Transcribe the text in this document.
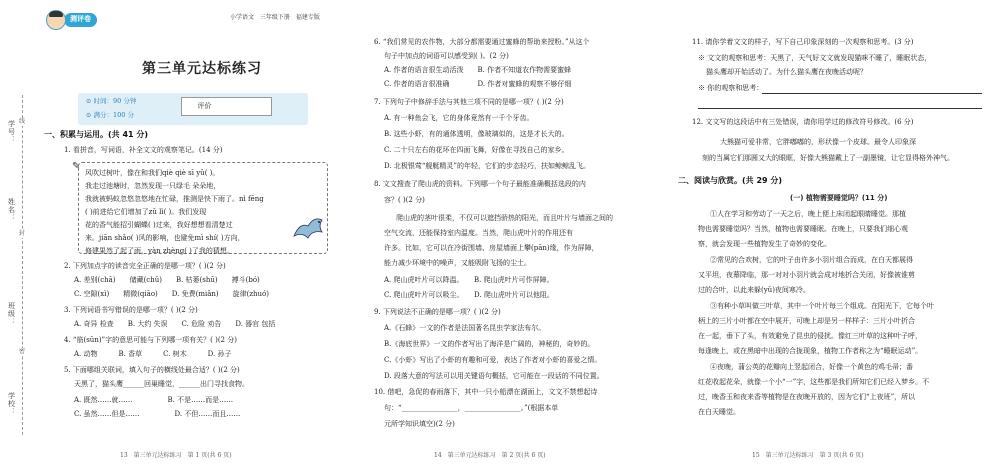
学号： 线
姓名：
封
班级：
密
学校：
测评卷	小学语文 三年级下册 福建专版
第三单元达标练习
⊙ 时间：90 分钟
⊙ 满分：100 分
评价
一、积累与运用。(共 41 分)
1. 看拼音，写词语，补全文文的观察笔记。(14 分)
✎
风吹过树叶，像在和我们qiè qiè sī yǔ( )。
我走过池塘时，忽然发现一只绿毛 朵朵地，
我就被蚂蚁忽悠忽悠地在忙碌，推测是快下雨了。nì fēng
( )前进给它们增加了zǔ lì( )。我们发现
花的香气能招引蝴蝶( )过来，我好想想看清楚过
来。jiān shǎo( )风的影响，也避免mì shí( )方向，
修建果然了起了雨，yàn zhèng( )了我的猜想。
2. 下列加点字的读音完全正确的是哪一项？( )(2 分)
A. 差别(chā)　　储藏(chǔ)　　B. 枯萎(shū)　　搏斗(bó)
C. 空隙(xì)　　精微(qiāo)　　D. 免费(miǎn)　　旋律(zhuó)
3. 下列词语书写错误的是哪一项？( )(2 分)
A. 奇异 检查　　B. 大约 失误　　C. 危险 劝告　　D. 器官 包括
4. “筋(sūn)”字的意思可能与下列哪一项有关？( )(2 分)
A. 动物　　　B. 香草　　　C. 树木　　　D. 孙子
5. 下面哪组关联词，填入句子的横线处最合适？( )(2 分)
天黑了，猫头鹰______回巢睡觉，______出门寻找食物。
A. 既然……就……　　　　　B. 不是……而是……
C. 虽然……但是……　　　　　D. 不但……而且……
13　第三单元达标练习　第 1 页(共 6 页)
6. “我们常见的农作物，大部分都需要通过蜜蜂的帮助来授粉。”从这个
句子中加点的词语可以感受到( )。(2 分)
A. 作者的语言很生动活泼　　B. 作者不知道农作物需要蜜蜂
C. 作者的语言很准确　　　　D. 作者对蜜蜂的观察不够仔细
7. 下列句子中修辞手法与其他三项不同的是哪一项？( )(2 分)
A. 有一种鱼会飞，它的身体竟然有一千个牙齿。
B. 这些小虾，有的通体透明，像玻璃似的，这是才长大的。
C. 二十只左右的花环在四面飞舞，好像在寻找自己的家乡。
D. 北极银莺“舰艇精灵”的年轻，它们的步态轻巧，扶如鲸鲸乱飞。
8. 文文搜查了爬山虎的资料。下列哪一个句子最能准确概括选段的内
容？( )(2 分)
爬山虎的茎叶很柔，不仅可以遮挡骄热的阳光，而且叶片与墙面之间的
空气交流，还能保持室内温度。当然，爬山虎叶片的作用还有
许多。比如，它可以在冷街围墙、房屋墙面上攀(pān)缘，作为屏障，
能力减少环境中的噪声，又能吸附飞扬的尘土。
A. 爬山虎叶片可以降温。　　B. 爬山虎叶片可作屏障。
C. 爬山虎叶片可以吸尘。　　D. 爬山虎叶片可以他阻。
9. 下列说法不正确的是哪一项？( )(2 分)
A.《石蜂》一文的作者是法国著名昆虫学家法布尔。
B.《海底世界》一文的作者写出了海洋是广阔的，神秘的，奇妙的。
C.《小虾》写出了小虾的有趣和可爱，表达了作者对小虾的喜爱之情。
D. 段落大意的写法可以用关键语句概括，它可能在一段话的不同位置。
10. 借吧，急促的春雨落下，其中一只小船漂在湖面上，文文不禁想起诗
句：“________________，________________。”(根据本单
元所学知识填空)(2 分)
14　第三单元达标练习　第 2 页(共 6 页)
11. 请你学着文文的样子，写下自己印象深刻的一次观察和思考。(3 分)
※ 文文的观察和思考：天黑了，天气好文文就发现猫咪不睡了，睡眠状态，
猫头鹰却开始活动了。为什么猫头鹰在夜晚活动呢？
※ 你的观察和思考：
12. 文文写的这段话中有三处错误，请你用学过的修改符号修改。(6 分)
大熊猫可爱非常，它胖嘟嘟的，形状像一个皮球。最令人印象深
刻的当属它们那圆又大的眼眶，好像大熊猫戴上了一副墨镜，让它显得格外神气。
二、阅读与欣赏。(共 29 分)
(一) 植物需要睡觉吗？(11 分)
①人在学习和劳动了一天之后，晚上便上床闭起眼睛睡觉。那植
物也需要睡觉吗？当然，植物也需要睡眠。在晚上，只要我们细心观
察，就会发现一些植物发生了奇妙的变化。
②常见的合欢树，它的叶子由许多小羽片组合而成，在白天都展得
又平坦，夜幕降临，那一对对小羽片就会成对地折合关闭，好像被谁剪
过的合叶，以此来躲(yǔ)夜间寒冷。
③有种小草叫做三叶草，其中一个叶片每三个组成。在阳光下，它每个叶
柄上的三片小叶都在空中展开，可晚上却是另一样样子：三片小叶折合
在一起，垂下了头，有效避免了昆虫的侵扰。像红三叶草的这种叶子呼，
每逢晚上，或在黑暗中出现的合拢现象，植物工作者称之为“睡眠运动”。
④夜晚，蒲公英的花瓣向上竖起闭合，好像一个黄色的鸡毛帚；番
红花收起花朵，就像一个小“一”字，这些都是我们所知它们已经入梦乡。不
过，晚香玉和夜来香等植物是在夜晚开放的，因为它们“上夜班”，所以
在白天睡觉。
15　第三单元达标练习　第 3 页(共 6 页)
